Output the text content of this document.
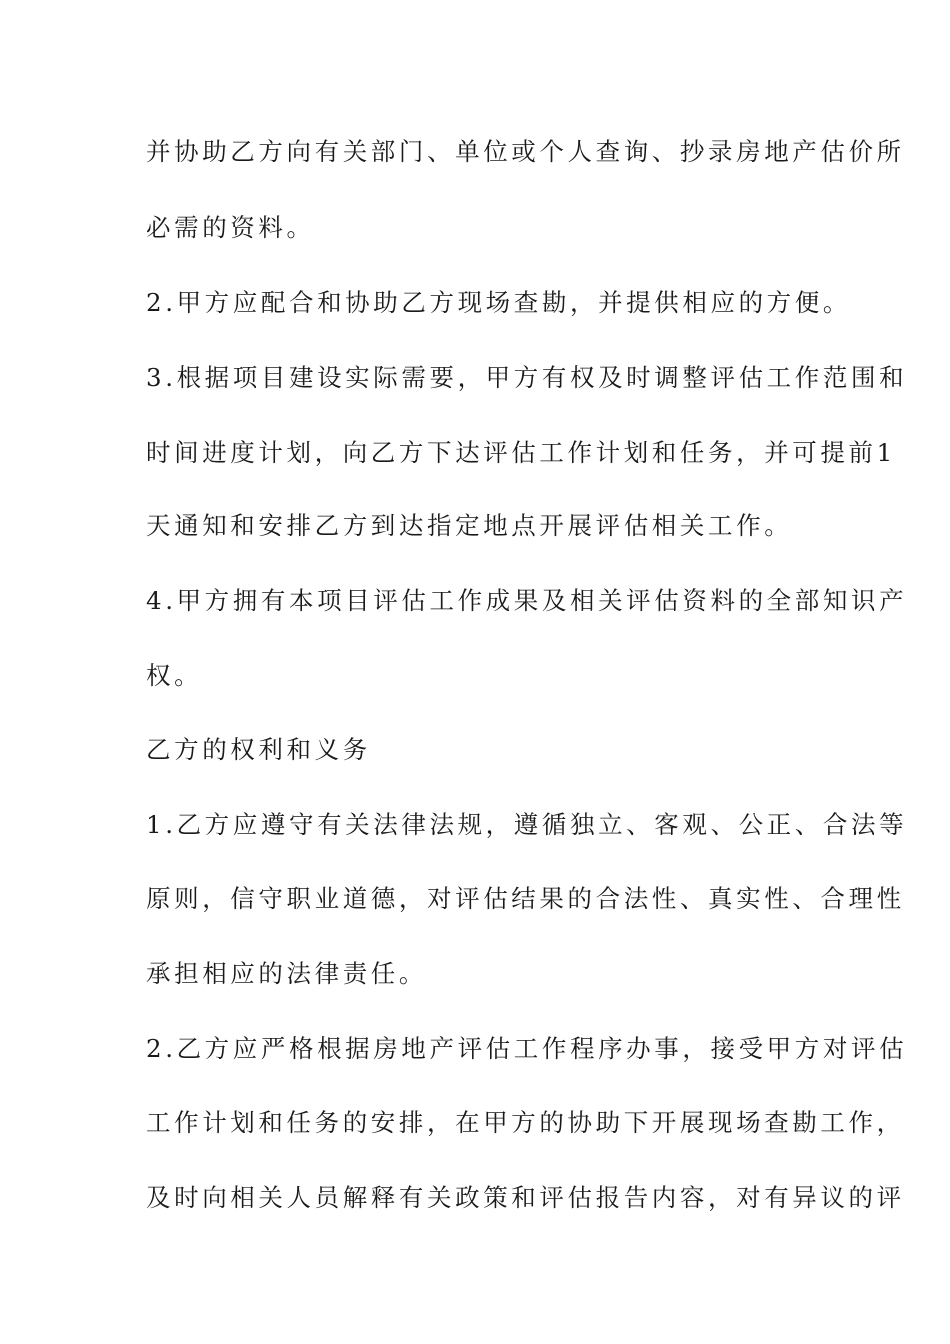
并协助乙方向有关部门、单位或个人查询、抄录房地产估价所
必需的资料。
2.甲方应配合和协助乙方现场查勘，并提供相应的方便。
3.根据项目建设实际需要，甲方有权及时调整评估工作范围和
时间进度计划，向乙方下达评估工作计划和任务，并可提前1
天通知和安排乙方到达指定地点开展评估相关工作。
4.甲方拥有本项目评估工作成果及相关评估资料的全部知识产
权。
乙方的权利和义务
1.乙方应遵守有关法律法规，遵循独立、客观、公正、合法等
原则，信守职业道德，对评估结果的合法性、真实性、合理性
承担相应的法律责任。
2.乙方应严格根据房地产评估工作程序办事，接受甲方对评估
工作计划和任务的安排，在甲方的协助下开展现场查勘工作，
及时向相关人员解释有关政策和评估报告内容，对有异议的评
